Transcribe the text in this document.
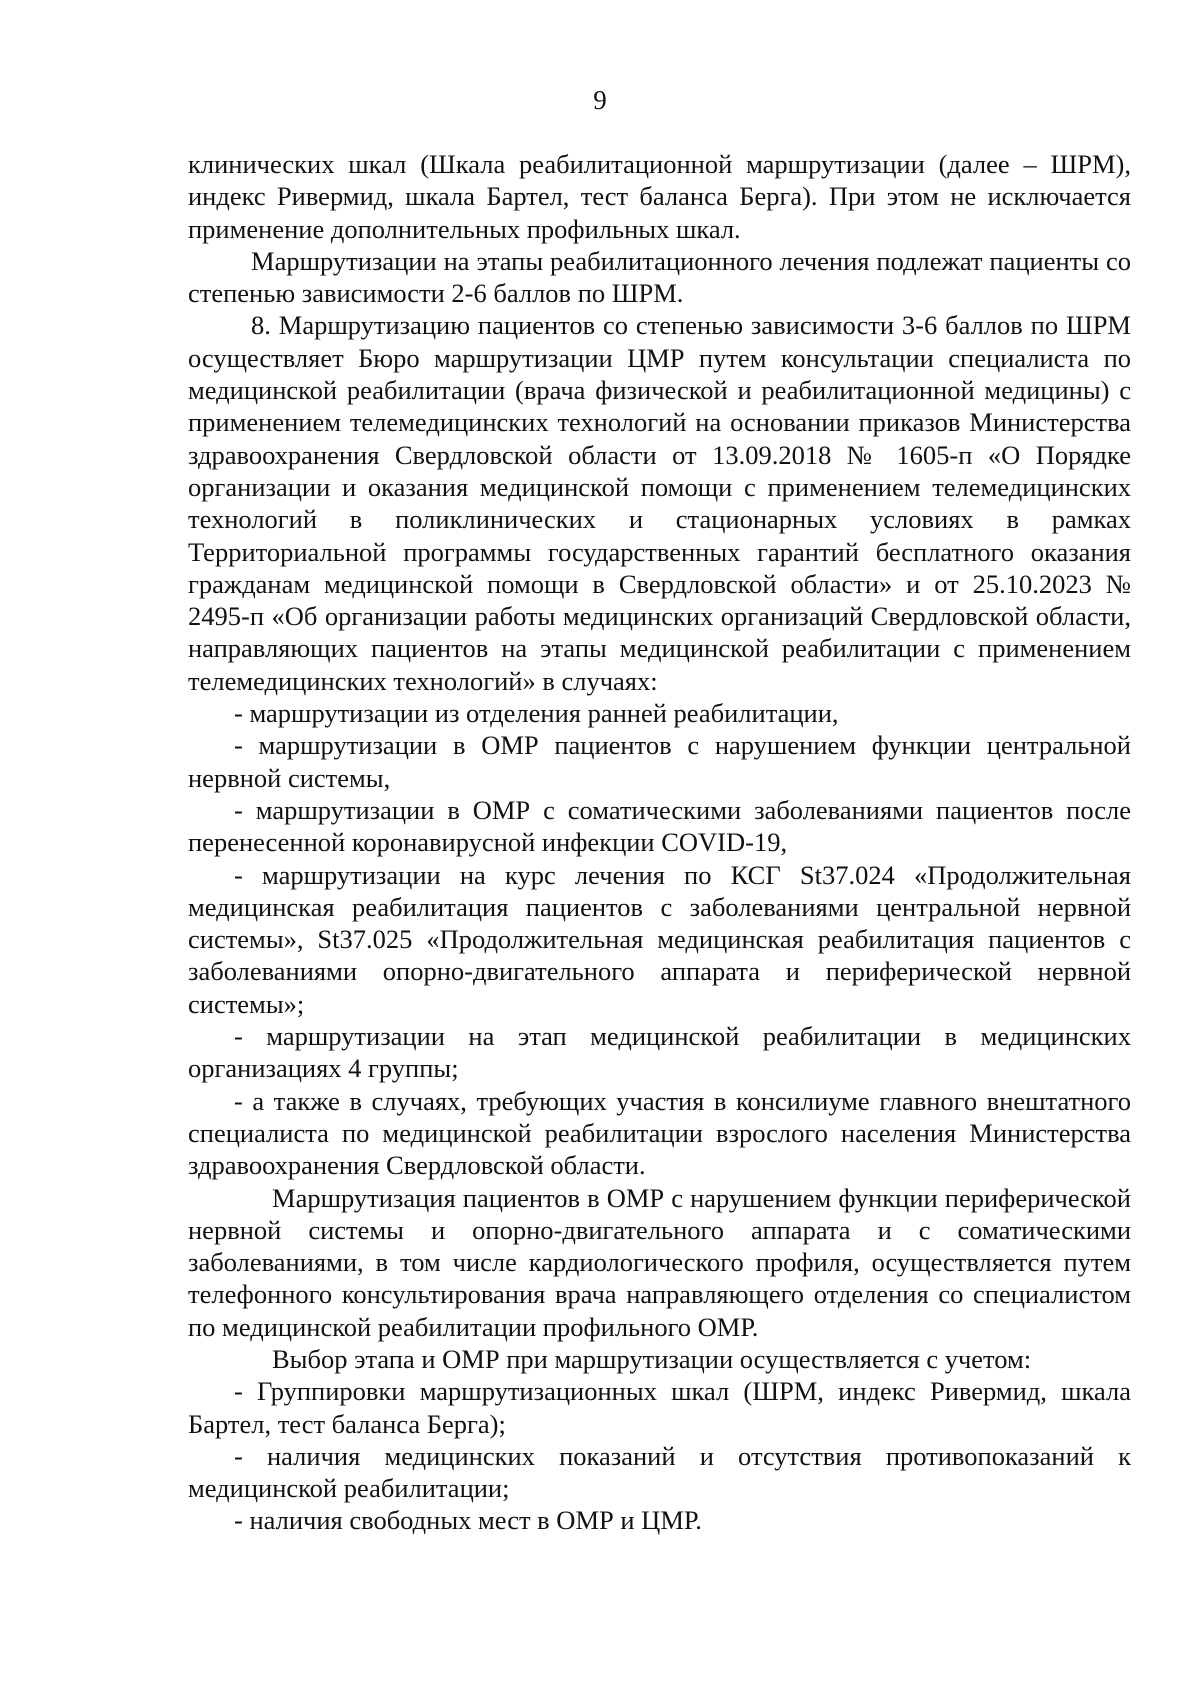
9

клинических шкал (Шкала реабилитационной маршрутизации (далее – ШРМ), индекс Ривермид, шкала Бартел, тест баланса Берга). При этом не исключается применение дополнительных профильных шкал.

Маршрутизации на этапы реабилитационного лечения подлежат пациенты со степенью зависимости 2-6 баллов по ШРМ.

8. Маршрутизацию пациентов со степенью зависимости 3-6 баллов по ШРМ осуществляет Бюро маршрутизации ЦМР путем консультации специалиста по медицинской реабилитации (врача физической и реабилитационной медицины) с применением телемедицинских технологий на основании приказов Министерства здравоохранения Свердловской области от 13.09.2018 № 1605-п «О Порядке организации и оказания медицинской помощи с применением телемедицинских технологий в поликлинических и стационарных условиях в рамках Территориальной программы государственных гарантий бесплатного оказания гражданам медицинской помощи в Свердловской области» и от 25.10.2023 № 2495-п «Об организации работы медицинских организаций Свердловской области, направляющих пациентов на этапы медицинской реабилитации с применением телемедицинских технологий» в случаях:

- маршрутизации из отделения ранней реабилитации,

- маршрутизации в ОМР пациентов с нарушением функции центральной нервной системы,

- маршрутизации в ОМР с соматическими заболеваниями пациентов после перенесенной коронавирусной инфекции COVID-19,

- маршрутизации на курс лечения по КСГ St37.024 «Продолжительная медицинская реабилитация пациентов с заболеваниями центральной нервной системы», St37.025 «Продолжительная медицинская реабилитация пациентов с заболеваниями опорно-двигательного аппарата и периферической нервной системы»;

- маршрутизации на этап медицинской реабилитации в медицинских организациях 4 группы;

- а также в случаях, требующих участия в консилиуме главного внештатного специалиста по медицинской реабилитации взрослого населения Министерства здравоохранения Свердловской области.

Маршрутизация пациентов в ОМР с нарушением функции периферической нервной системы и опорно-двигательного аппарата и с соматическими заболеваниями, в том числе кардиологического профиля, осуществляется путем телефонного консультирования врача направляющего отделения со специалистом по медицинской реабилитации профильного ОМР.

Выбор этапа и ОМР при маршрутизации осуществляется с учетом:

- Группировки маршрутизационных шкал (ШРМ, индекс Ривермид, шкала Бартел, тест баланса Берга);

- наличия медицинских показаний и отсутствия противопоказаний к медицинской реабилитации;

- наличия свободных мест в ОМР и ЦМР.
